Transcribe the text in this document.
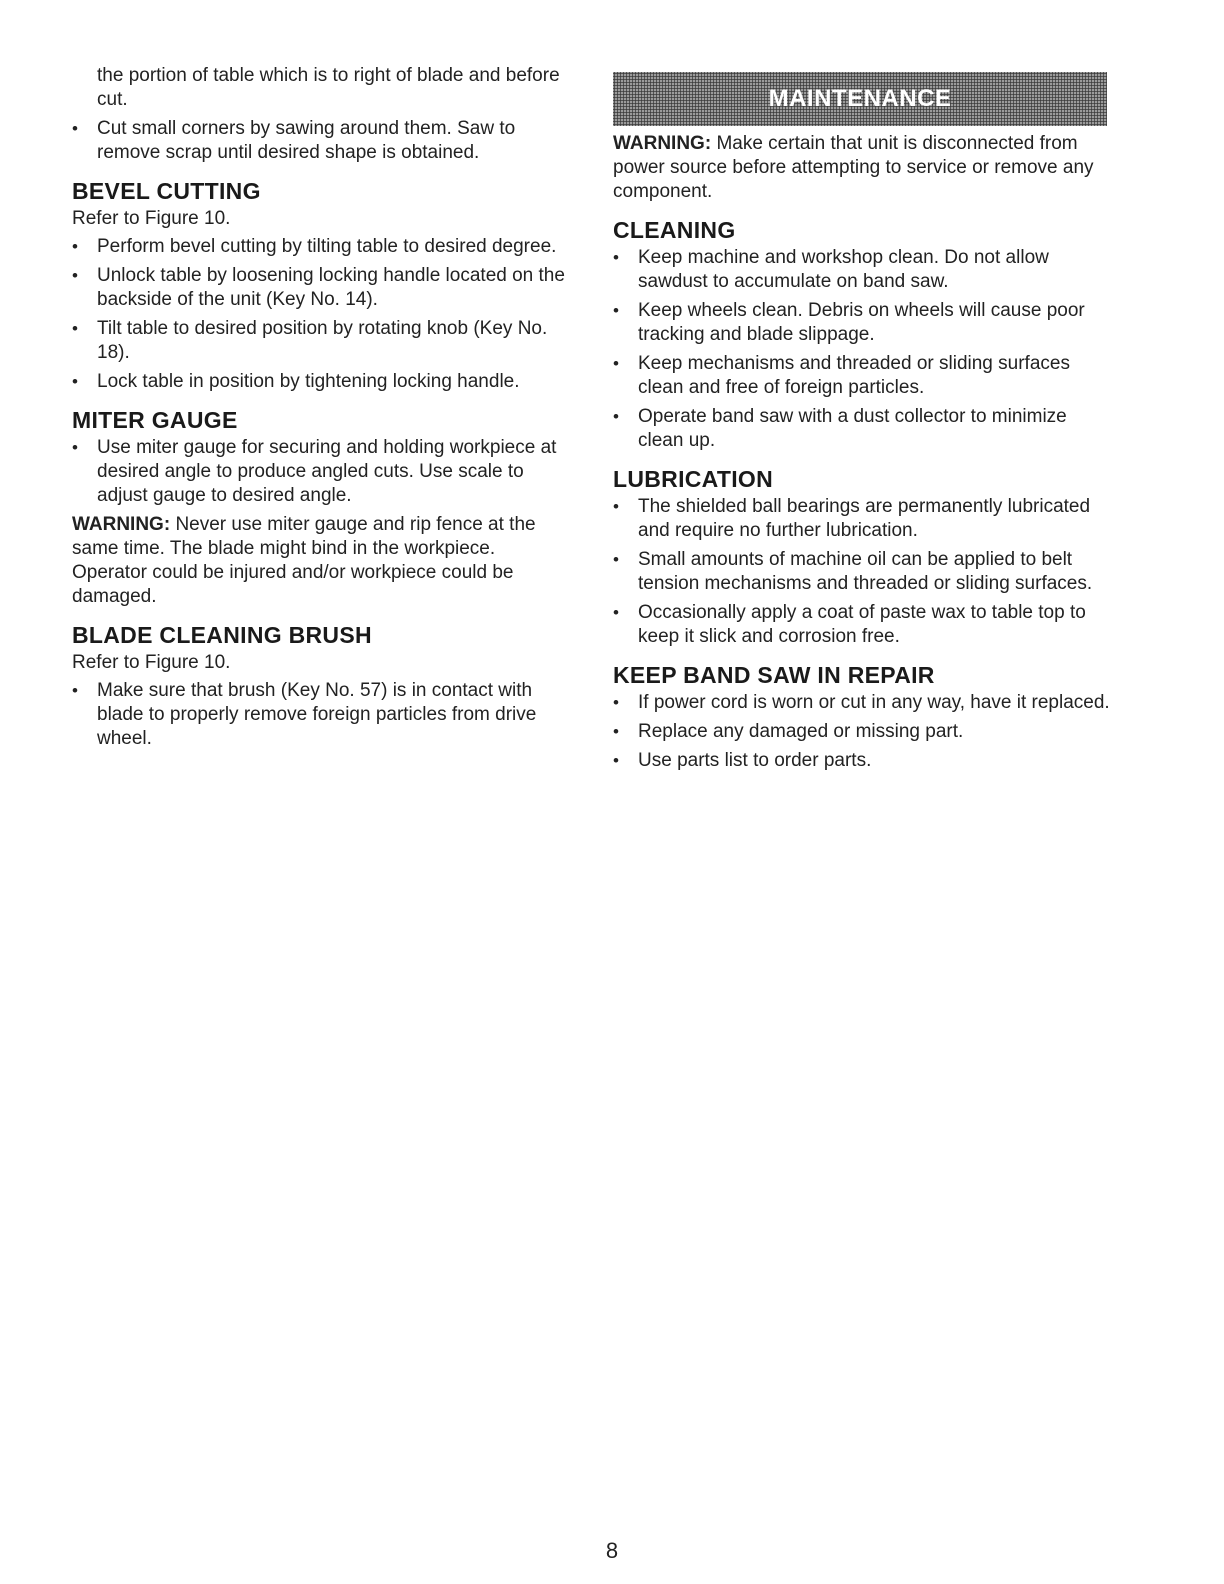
the portion of table which is to right of blade and before cut.
• Cut small corners by sawing around them. Saw to remove scrap until desired shape is obtained.
BEVEL CUTTING

Refer to Figure 10.

• Perform bevel cutting by tilting table to desired degree.
• Unlock table by loosening locking handle located on the backside of the unit (Key No. 14).
• Tilt table to desired position by rotating knob (Key No. 18).
• Lock table in position by tightening locking handle.
MITER GAUGE
• Use miter gauge for securing and holding workpiece at desired angle to produce angled cuts. Use scale to adjust gauge to desired angle.

WARNING: Never use miter gauge and rip fence at the same time. The blade might bind in the workpiece. Operator could be injured and/or workpiece could be damaged.

BLADE CLEANING BRUSH

Refer to Figure 10.

• Make sure that brush (Key No. 57) is in contact with blade to properly remove foreign particles from drive wheel.
MAINTENANCE

WARNING: Make certain that unit is disconnected from power source before attempting to service or remove any component.

CLEANING
• Keep machine and workshop clean. Do not allow sawdust to accumulate on band saw.
• Keep wheels clean. Debris on wheels will cause poor tracking and blade slippage.
• Keep mechanisms and threaded or sliding surfaces clean and free of foreign particles.
• Operate band saw with a dust collector to minimize clean up.
LUBRICATION
• The shielded ball bearings are permanently lubricated and require no further lubrication.
• Small amounts of machine oil can be applied to belt tension mechanisms and threaded or sliding surfaces.
• Occasionally apply a coat of paste wax to table top to keep it slick and corrosion free.
KEEP BAND SAW IN REPAIR
• If power cord is worn or cut in any way, have it replaced.
• Replace any damaged or missing part.
• Use parts list to order parts.
8
